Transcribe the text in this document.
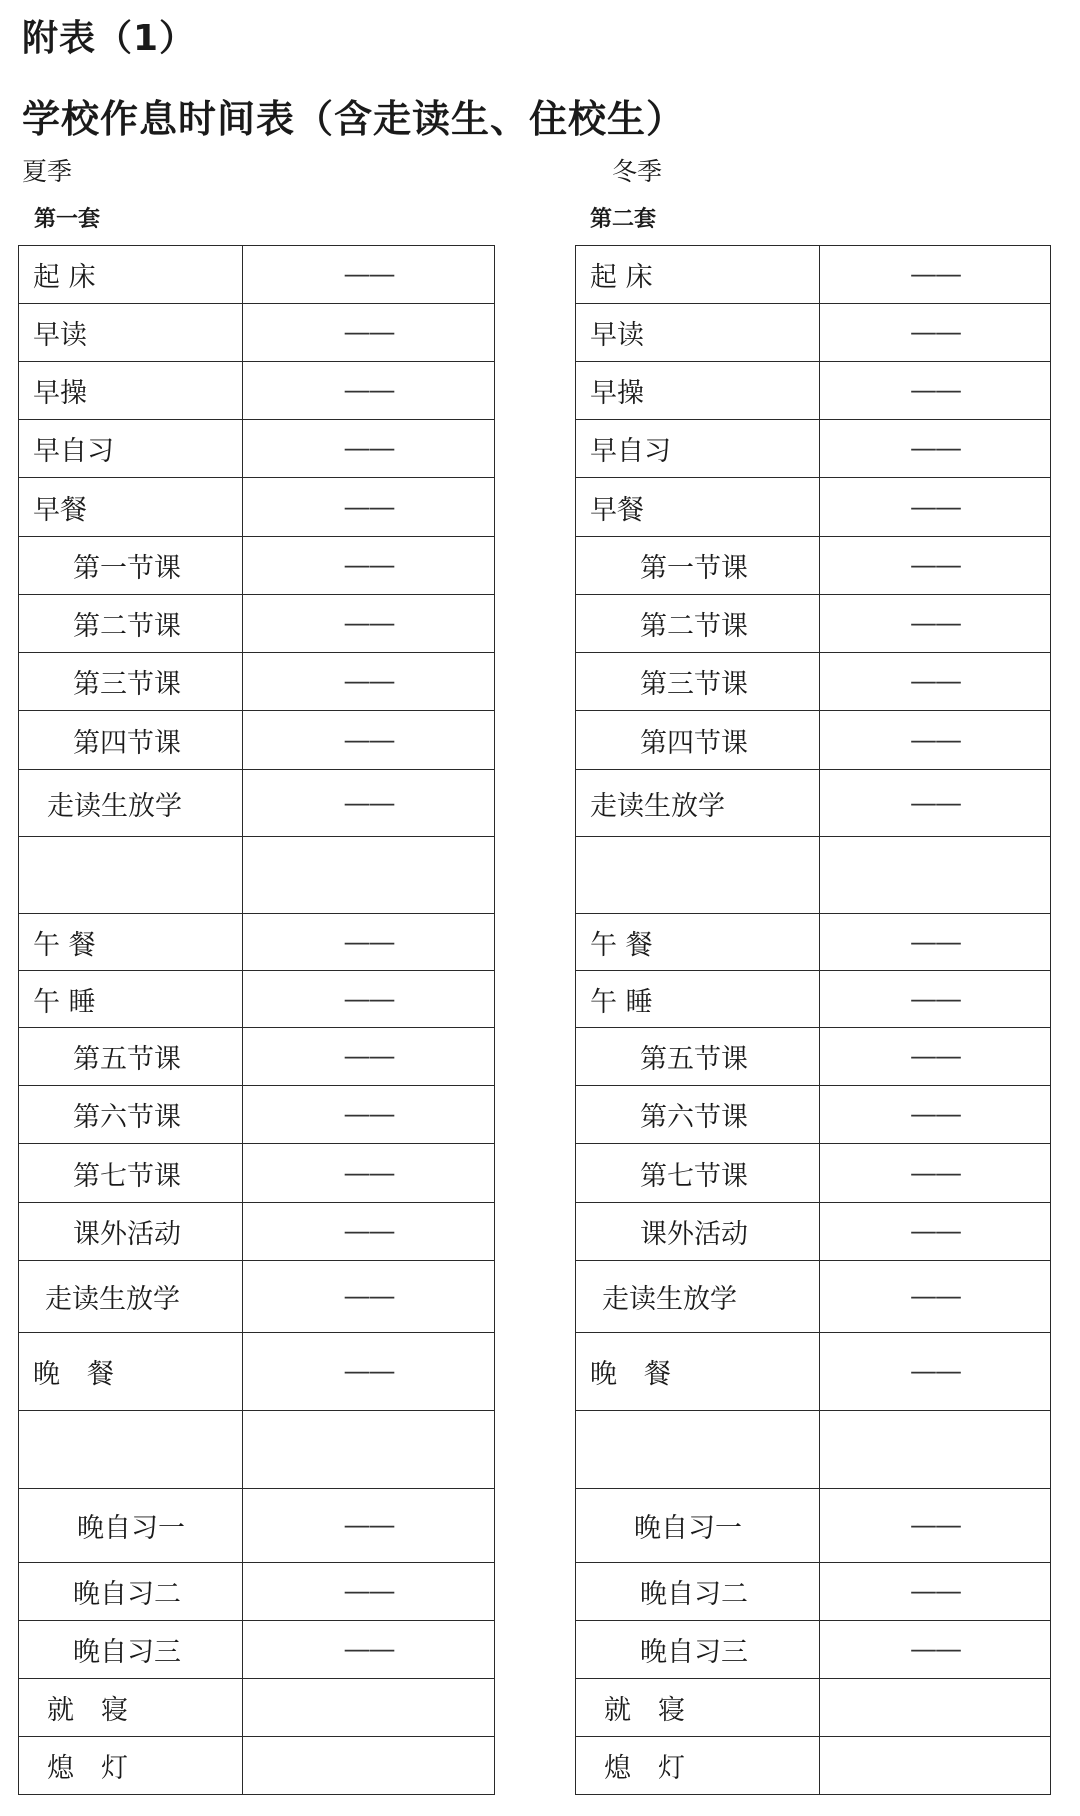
附表（1）
学校作息时间表（含走读生、住校生）
夏季	冬季
第一套	第二套
起 床	——
早读	——
早操	——
早自习	——
早餐	——
第一节课	——
第二节课	——
第三节课	——
第四节课	——
走读生放学	——

午 餐	——
午 睡	——
第五节课	——
第六节课	——
第七节课	——
课外活动	——
走读生放学	——
晚　餐	——

晚自习一	——
晚自习二	——
晚自习三	——
就　寝	
熄　灯	
起 床	——
早读	——
早操	——
早自习	——
早餐	——
第一节课	——
第二节课	——
第三节课	——
第四节课	——
走读生放学	——

午 餐	——
午 睡	——
第五节课	——
第六节课	——
第七节课	——
课外活动	——
走读生放学	——
晚　餐	——

晚自习一	——
晚自习二	——
晚自习三	——
就　寝	
熄　灯	
